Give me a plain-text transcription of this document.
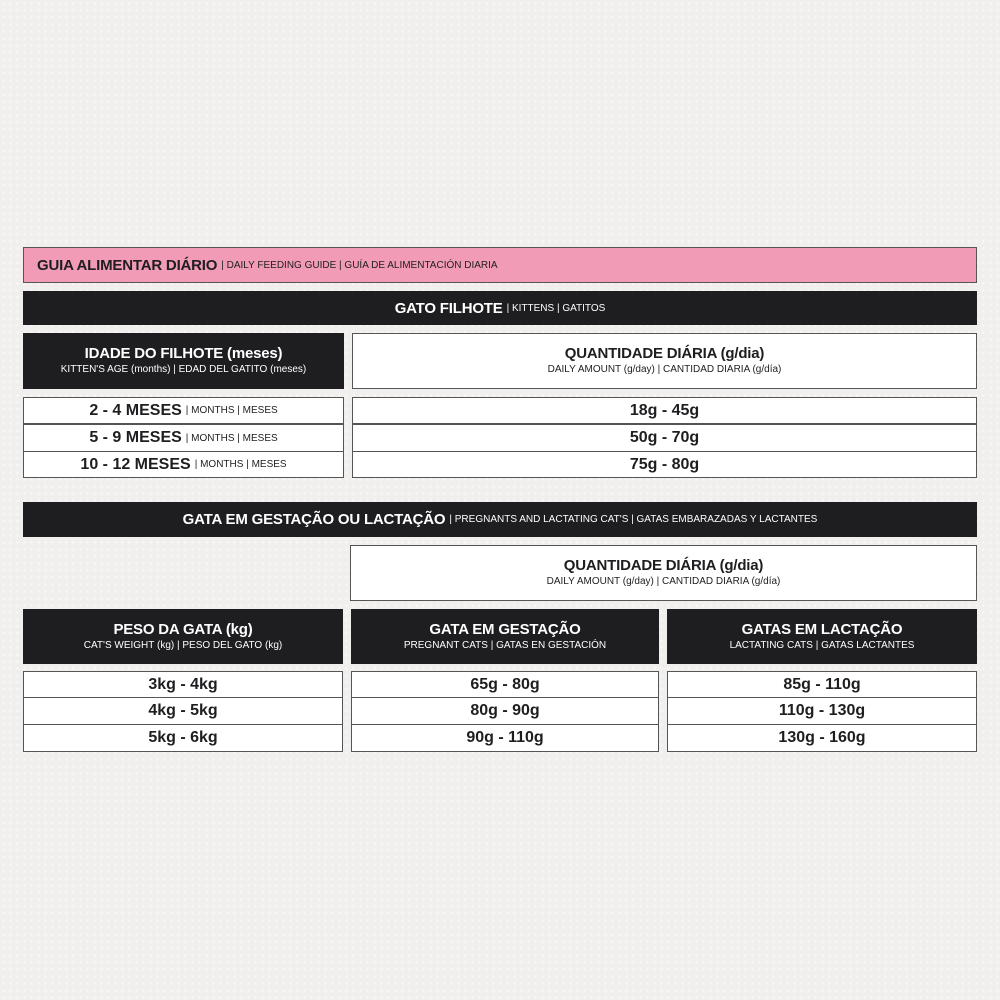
GUIA ALIMENTAR DIÁRIO | DAILY FEEDING GUIDE | GUÍA DE ALIMENTACIÓN DIARIA
GATO FILHOTE | KITTENS | GATITOS
IDADE DO FILHOTE (meses)
KITTEN'S AGE (months) | EDAD DEL GATITO (meses)
QUANTIDADE DIÁRIA (g/dia)
DAILY AMOUNT (g/day) | CANTIDAD DIARIA (g/día)
2 - 4 MESES | MONTHS | MESES	18g - 45g
5 - 9 MESES | MONTHS | MESES	50g - 70g
10 - 12 MESES | MONTHS | MESES	75g - 80g
GATA EM GESTAÇÃO OU LACTAÇÃO | PREGNANTS AND LACTATING CAT'S | GATAS EMBARAZADAS Y LACTANTES
QUANTIDADE DIÁRIA (g/dia)
DAILY AMOUNT (g/day) | CANTIDAD DIARIA (g/día)
PESO DA GATA (kg)
CAT'S WEIGHT (kg) | PESO DEL GATO (kg)
GATA EM GESTAÇÃO
PREGNANT CATS | GATAS EN GESTACIÓN
GATAS EM LACTAÇÃO
LACTATING CATS | GATAS LACTANTES
3kg - 4kg	65g - 80g	85g - 110g
4kg - 5kg	80g - 90g	110g - 130g
5kg - 6kg	90g - 110g	130g - 160g
